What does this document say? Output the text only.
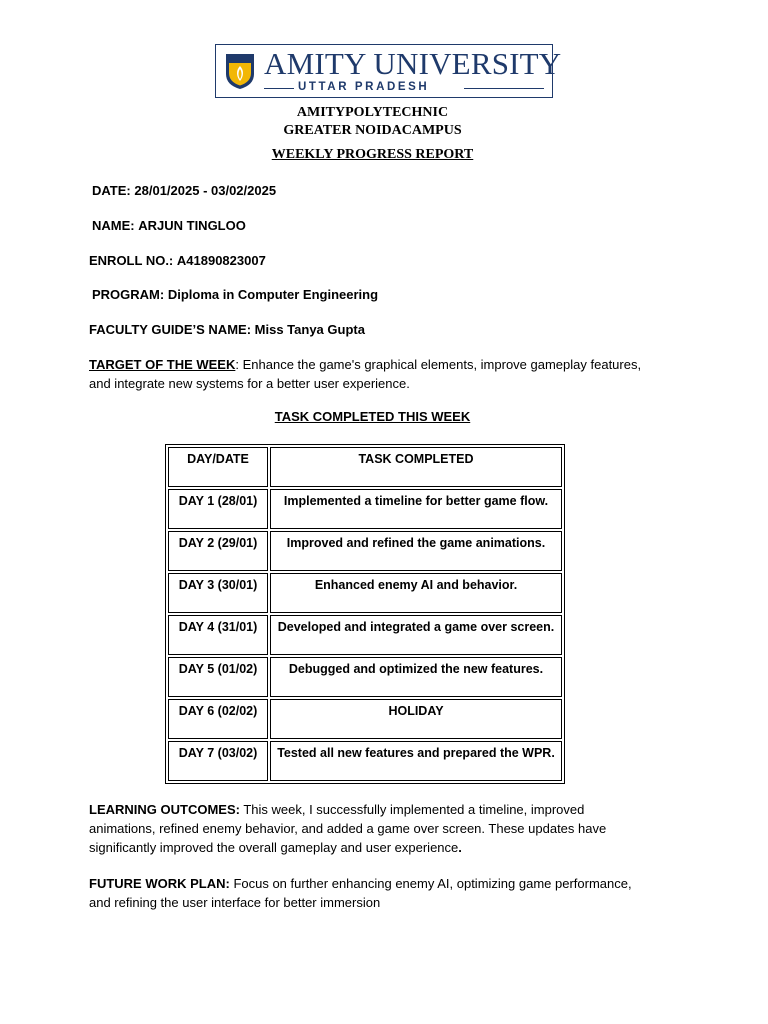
AMITY UNIVERSITY
UTTAR PRADESH
AMITYPOLYTECHNIC
GREATER NOIDACAMPUS
WEEKLY PROGRESS REPORT
DATE: 28/01/2025 - 03/02/2025
NAME: ARJUN TINGLOO
ENROLL NO.: A41890823007
PROGRAM: Diploma in Computer Engineering
FACULTY GUIDE’S NAME: Miss Tanya Gupta
TARGET OF THE WEEK: Enhance the game's graphical elements, improve gameplay features, and integrate new systems for a better user experience.
TASK COMPLETED THIS WEEK
DAY/DATE	TASK COMPLETED
DAY 1 (28/01)	Implemented a timeline for better game flow.
DAY 2 (29/01)	Improved and refined the game animations.
DAY 3 (30/01)	Enhanced enemy AI and behavior.
DAY 4 (31/01)	Developed and integrated a game over screen.
DAY 5 (01/02)	Debugged and optimized the new features.
DAY 6 (02/02)	HOLIDAY
DAY 7 (03/02)	Tested all new features and prepared the WPR.
LEARNING OUTCOMES: This week, I successfully implemented a timeline, improved animations, refined enemy behavior, and added a game over screen. These updates have significantly improved the overall gameplay and user experience.
FUTURE WORK PLAN: Focus on further enhancing enemy AI, optimizing game performance, and refining the user interface for better immersion
